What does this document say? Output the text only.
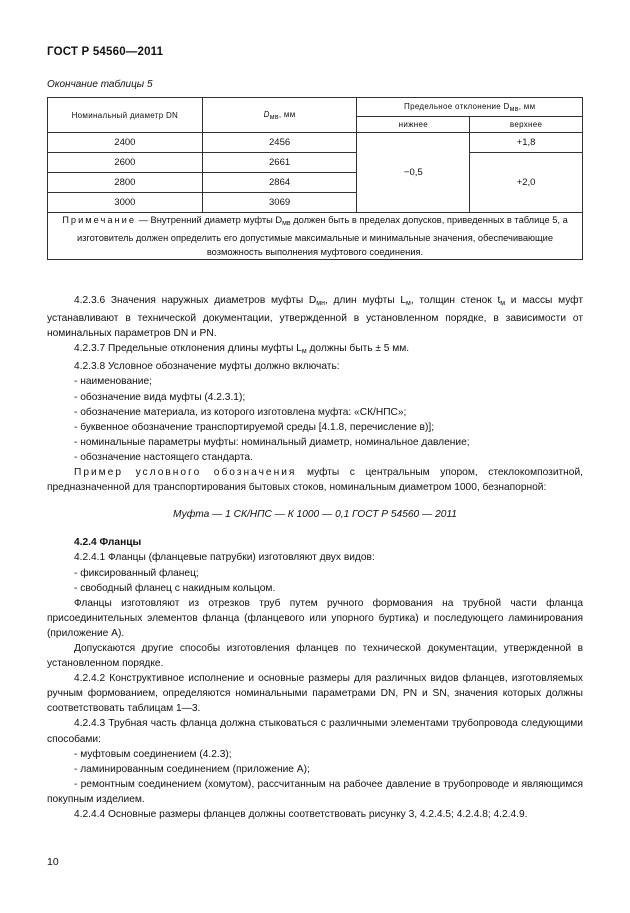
ГОСТ Р 54560—2011
Окончание таблицы 5
Номинальный диаметр DN	$D_{мв}$, мм	Предельное отклонение $D_{мв}$, мм	
		нижнее	верхнее
2400	2456	−0,5	+1,8
2600	2661		+2,0
2800	2864		
3000	3069		
Примечание — Внутренний диаметр муфты $D_{мв}$ должен быть в пределах допусков, приведенных в таблице 5, а изготовитель должен определить его допустимые максимальные и минимальные значения, обеспечивающие возможность выполнения муфтового соединения.			

4.2.3.6 Значения наружных диаметров муфты $D_{мн}$, длин муфты $L_м$, толщин стенок $t_м$ и массы муфт устанавливают в технической документации, утвержденной в установленном порядке, в зависимости от номинальных параметров DN и PN.

4.2.3.7 Предельные отклонения длины муфты $L_м$ должны быть ± 5 мм.

4.2.3.8 Условное обозначение муфты должно включать:

- наименование;

- обозначение вида муфты (4.2.3.1);

- обозначение материала, из которого изготовлена муфта: «СК/НПС»;

- буквенное обозначение транспортируемой среды [4.1.8, перечисление в)];

- номинальные параметры муфты: номинальный диаметр, номинальное давление;

- обозначение настоящего стандарта.

Пример условного обозначения муфты с центральным упором, стеклокомпозитной, предназначенной для транспортирования бытовых стоков, номинальным диаметром 1000, безнапорной:

Муфта — 1 СК/НПС — К 1000 — 0,1 ГОСТ Р 54560 — 2011

4.2.4 Фланцы

4.2.4.1 Фланцы (фланцевые патрубки) изготовляют двух видов:

- фиксированный фланец;

- свободный фланец с накидным кольцом.

Фланцы изготовляют из отрезков труб путем ручного формования на трубной части фланца присоединительных элементов фланца (фланцевого или упорного буртика) и последующего ламинирования (приложение А).

Допускаются другие способы изготовления фланцев по технической документации, утвержденной в установленном порядке.

4.2.4.2 Конструктивное исполнение и основные размеры для различных видов фланцев, изготовляемых ручным формованием, определяются номинальными параметрами DN, PN и SN, значения которых должны соответствовать таблицам 1—3.

4.2.4.3 Трубная часть фланца должна стыковаться с различными элементами трубопровода следующими способами:

- муфтовым соединением (4.2.3);

- ламинированным соединением (приложение А);

- ремонтным соединением (хомутом), рассчитанным на рабочее давление в трубопроводе и являющимся покупным изделием.

4.2.4.4 Основные размеры фланцев должны соответствовать рисунку 3, 4.2.4.5; 4.2.4.8; 4.2.4.9.

10
